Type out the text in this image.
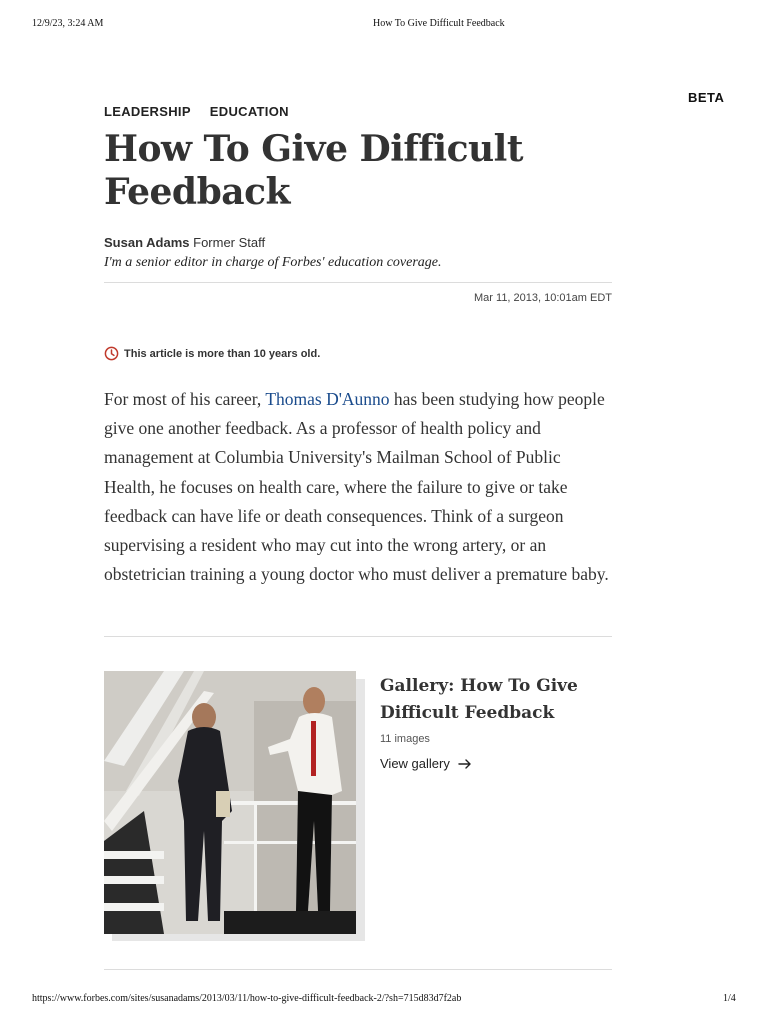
12/9/23, 3:24 AM	How To Give Difficult Feedback
BETA
LEADERSHIP EDUCATION
How To Give Difficult Feedback
Susan Adams Former Staff
I'm a senior editor in charge of Forbes' education coverage.
Mar 11, 2013, 10:01am EDT
This article is more than 10 years old.

For most of his career, Thomas D'Aunno has been studying how people give one another feedback. As a professor of health policy and management at Columbia University's Mailman School of Public Health, he focuses on health care, where the failure to give or take feedback can have life or death consequences. Think of a surgeon supervising a resident who may cut into the wrong artery, or an obstetrician training a young doctor who must deliver a premature baby.

Gallery: How To Give Difficult Feedback
11 images
View gallery
https://www.forbes.com/sites/susanadams/2013/03/11/how-to-give-difficult-feedback-2/?sh=715d83d7f2ab	1/4
